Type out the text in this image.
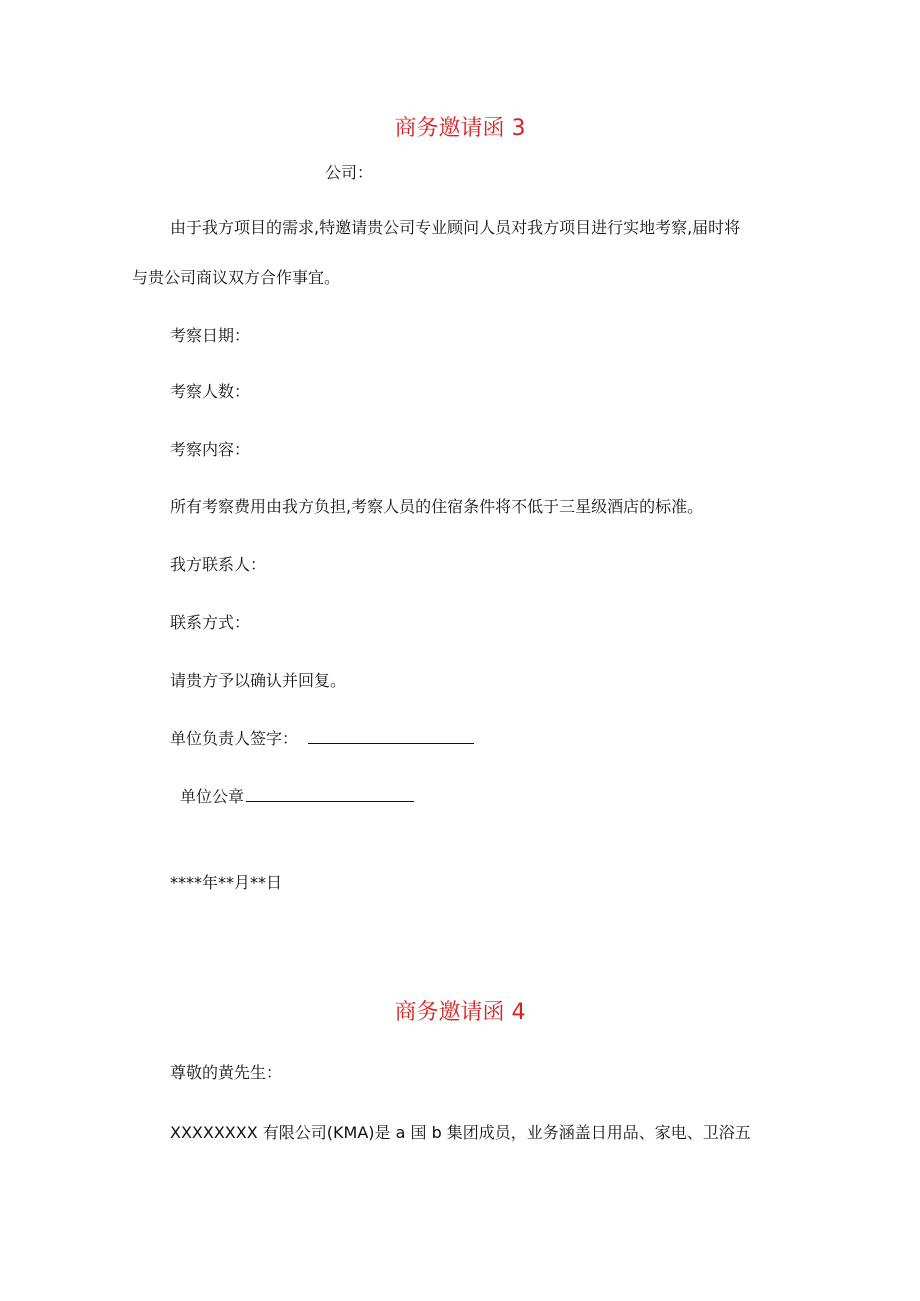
商务邀请函 3
公司：
由于我方项目的需求,特邀请贵公司专业顾问人员对我方项目进行实地考察,届时将
与贵公司商议双方合作事宜。
考察日期：
考察人数：
考察内容：
所有考察费用由我方负担,考察人员的住宿条件将不低于三星级酒店的标准。
我方联系人：
联系方式：
请贵方予以确认并回复。
单位负责人签字：
单位公章
****年**月**日
商务邀请函 4
尊敬的黄先生：
XXXXXXXX 有限公司(KMA)是 a 国 b 集团成员，业务涵盖日用品、家电、卫浴五
